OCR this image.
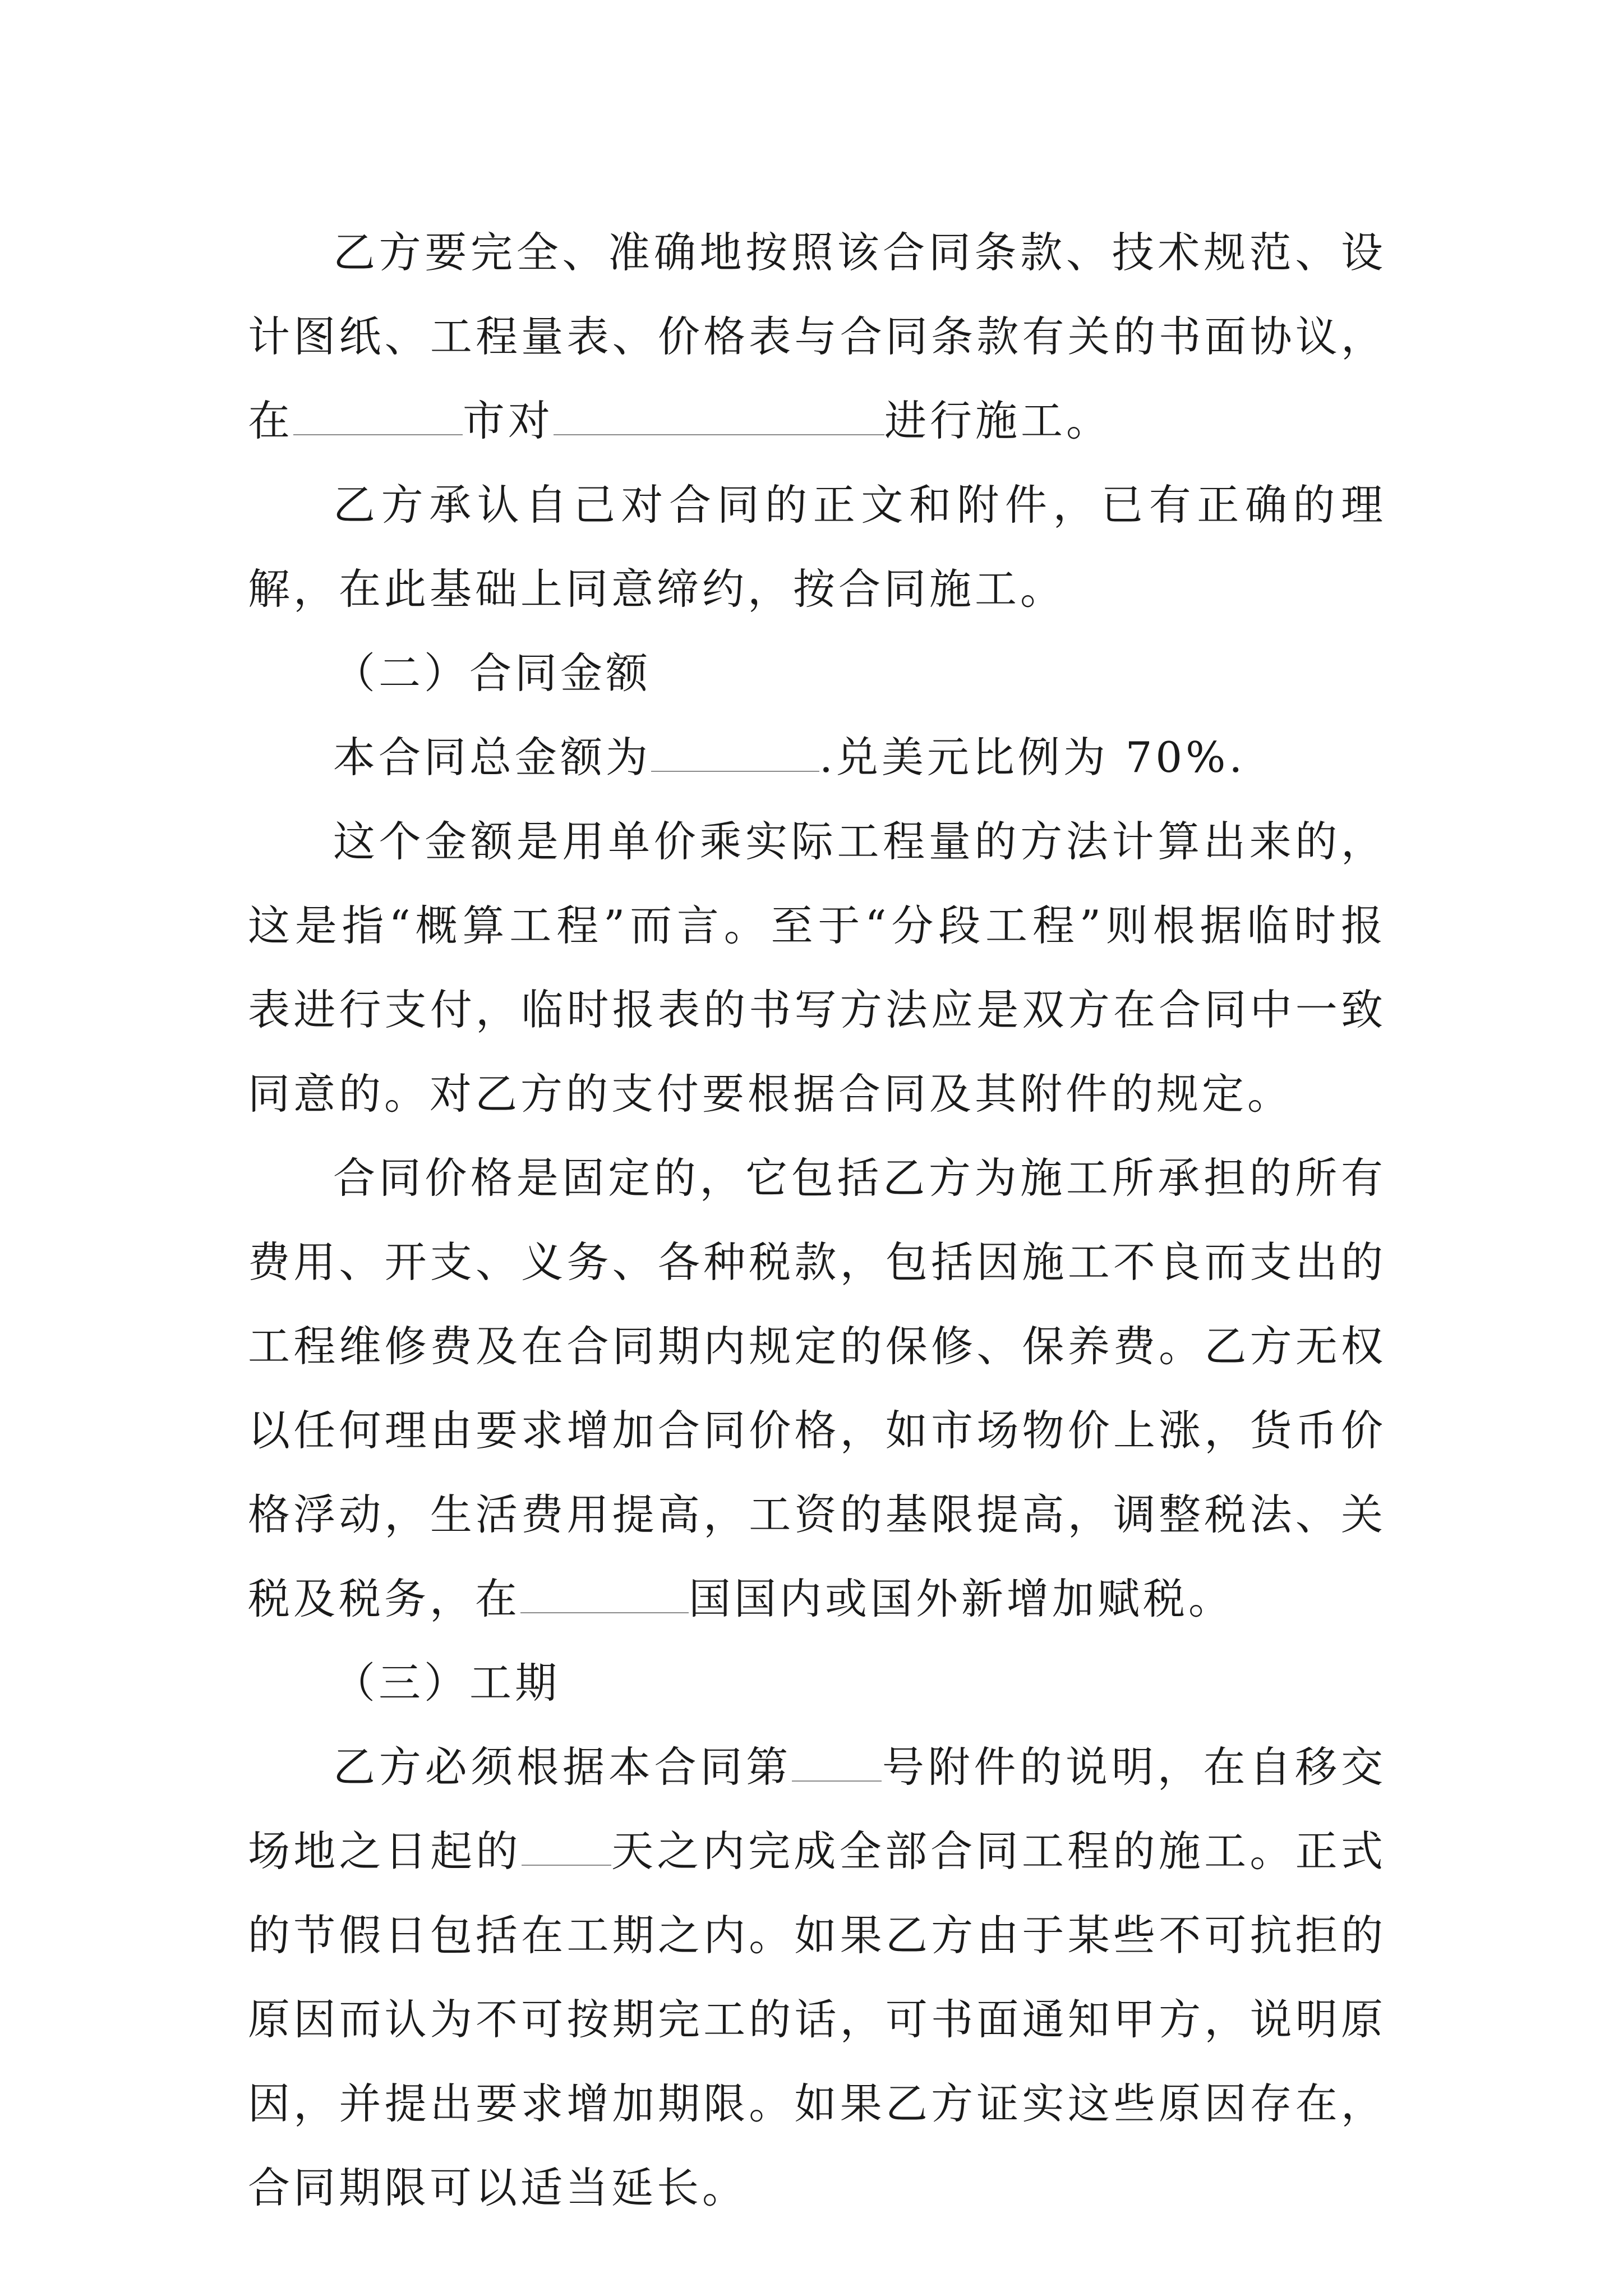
乙方要完全、准确地按照该合同条款、技术规范、设计图纸、工程量表、价格表与合同条款有关的书面协议，在	市对	进行施工。

乙方承认自己对合同的正文和附件，已有正确的理解，在此基础上同意缔约，按合同施工。

（二）合同金额

本合同总金额为	.兑美元比例为 70%.

这个金额是用单价乘实际工程量的方法计算出来的，这是指“概算工程”而言。至于“分段工程”则根据临时报表进行支付，临时报表的书写方法应是双方在合同中一致同意的。对乙方的支付要根据合同及其附件的规定。

合同价格是固定的，它包括乙方为施工所承担的所有费用、开支、义务、各种税款，包括因施工不良而支出的工程维修费及在合同期内规定的保修、保养费。乙方无权以任何理由要求增加合同价格，如市场物价上涨，货币价格浮动，生活费用提高，工资的基限提高，调整税法、关税及税务，在	国国内或国外新增加赋税。

（三）工期

乙方必须根据本合同第 号附件的说明，在自移交场地之日起的 天之内完成全部合同工程的施工。正式的节假日包括在工期之内。如果乙方由于某些不可抗拒的原因而认为不可按期完工的话，可书面通知甲方，说明原因，并提出要求增加期限。如果乙方证实这些原因存在，合同期限可以适当延长。
